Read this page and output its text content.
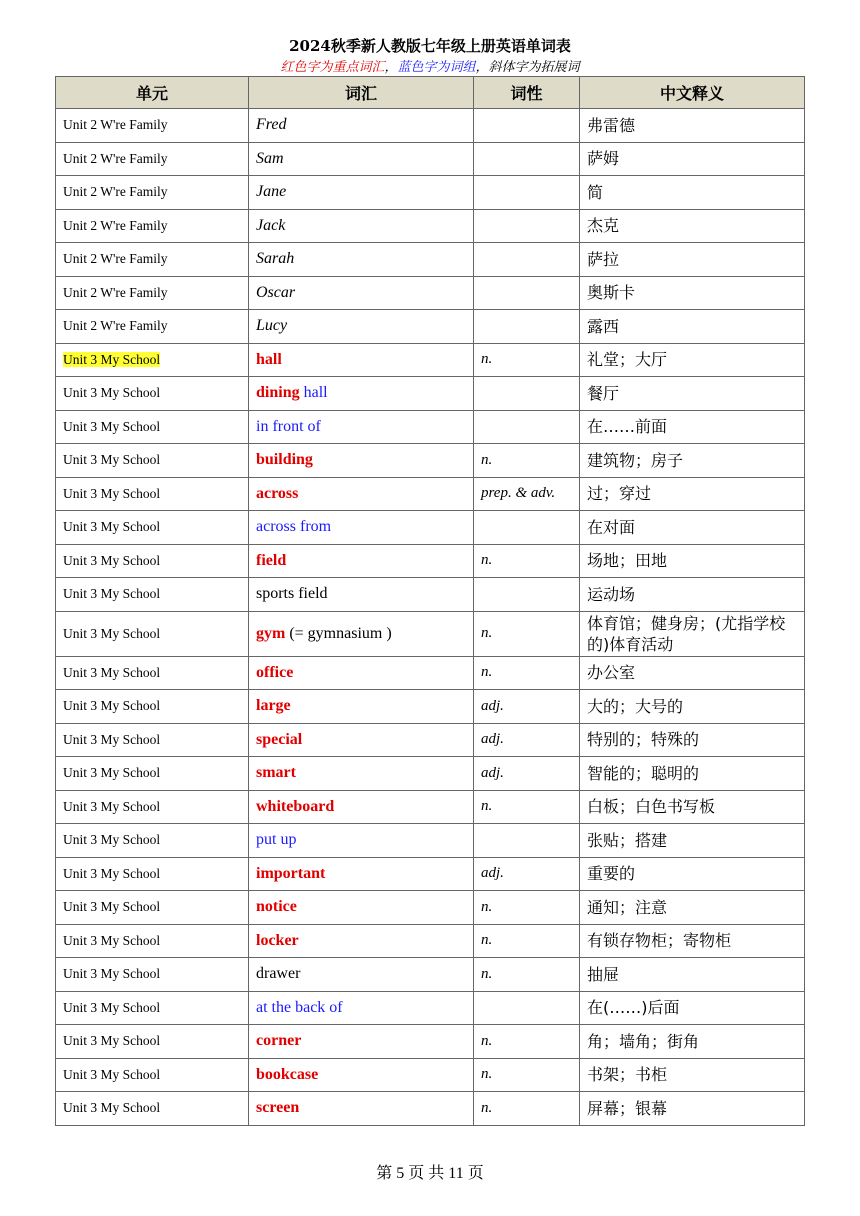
2024秋季新人教版七年级上册英语单词表
红色字为重点词汇，蓝色字为词组，斜体字为拓展词
单元	词汇	词性	中文释义
Unit 2 W're Family	Fred		弗雷德
Unit 2 W're Family	Sam		萨姆
Unit 2 W're Family	Jane		简
Unit 2 W're Family	Jack		杰克
Unit 2 W're Family	Sarah		萨拉
Unit 2 W're Family	Oscar		奥斯卡
Unit 2 W're Family	Lucy		露西
Unit 3 My School	hall	n.	礼堂；大厅
Unit 3 My School	dining hall		餐厅
Unit 3 My School	in front of		在……前面
Unit 3 My School	building	n.	建筑物；房子
Unit 3 My School	across	prep. & adv.	过；穿过
Unit 3 My School	across from		在对面
Unit 3 My School	field	n.	场地；田地
Unit 3 My School	sports field		运动场
Unit 3 My School	gym (= gymnasium )	n.	体育馆；健身房；(尤指学校的)体育活动
Unit 3 My School	office	n.	办公室
Unit 3 My School	large	adj.	大的；大号的
Unit 3 My School	special	adj.	特别的；特殊的
Unit 3 My School	smart	adj.	智能的；聪明的
Unit 3 My School	whiteboard	n.	白板；白色书写板
Unit 3 My School	put up		张贴；搭建
Unit 3 My School	important	adj.	重要的
Unit 3 My School	notice	n.	通知；注意
Unit 3 My School	locker	n.	有锁存物柜；寄物柜
Unit 3 My School	drawer	n.	抽屉
Unit 3 My School	at the back of		在(……)后面
Unit 3 My School	corner	n.	角；墙角；街角
Unit 3 My School	bookcase	n.	书架；书柜
Unit 3 My School	screen	n.	屏幕；银幕
第 5 页 共 11 页
